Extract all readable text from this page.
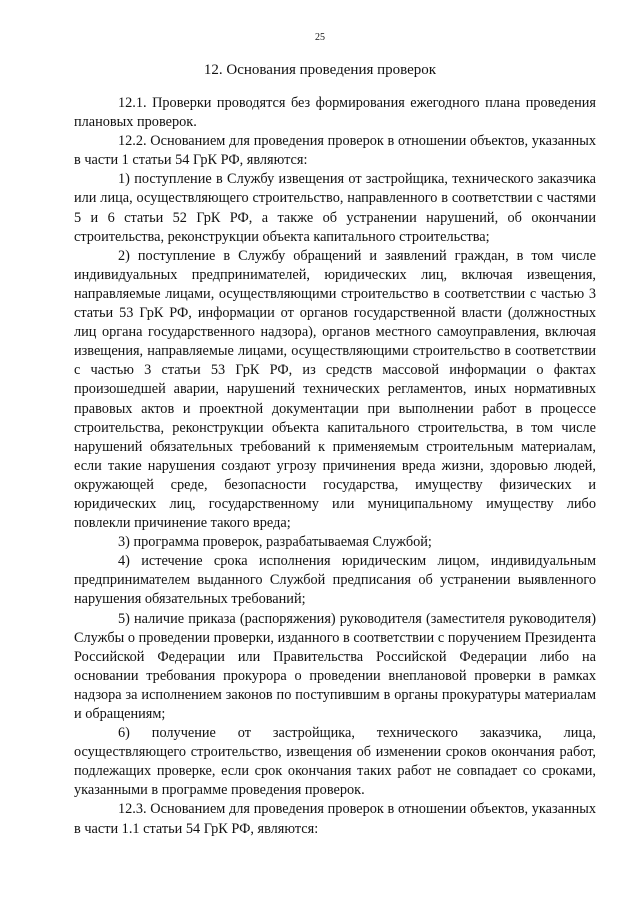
25
12. Основания проведения проверок

12.1. Проверки проводятся без формирования ежегодного плана проведения плановых проверок.

12.2. Основанием для проведения проверок в отношении объектов, указанных в части 1 статьи 54 ГрК РФ, являются:

1) поступление в Службу извещения от застройщика, технического заказчика или лица, осуществляющего строительство, направленного в соответствии с частями 5 и 6 статьи 52 ГрК РФ, а также об устранении нарушений, об окончании строительства, реконструкции объекта капитального строительства;

2) поступление в Службу обращений и заявлений граждан, в том числе индивидуальных предпринимателей, юридических лиц, включая извещения, направляемые лицами, осуществляющими строительство в соответствии с частью 3 статьи 53 ГрК РФ, информации от органов государственной власти (должностных лиц органа государственного надзора), органов местного самоуправления, включая извещения, направляемые лицами, осуществляющими строительство в соответствии с частью 3 статьи 53 ГрК РФ, из средств массовой информации о фактах произошедшей аварии, нарушений технических регламентов, иных нормативных правовых актов и проектной документации при выполнении работ в процессе строительства, реконструкции объекта капитального строительства, в том числе нарушений обязательных требований к применяемым строительным материалам, если такие нарушения создают угрозу причинения вреда жизни, здоровью людей, окружающей среде, безопасности государства, имуществу физических и юридических лиц, государственному или муниципальному имуществу либо повлекли причинение такого вреда;

3) программа проверок, разрабатываемая Службой;

4) истечение срока исполнения юридическим лицом, индивидуальным предпринимателем выданного Службой предписания об устранении выявленного нарушения обязательных требований;

5) наличие приказа (распоряжения) руководителя (заместителя руководителя) Службы о проведении проверки, изданного в соответствии с поручением Президента Российской Федерации или Правительства Российской Федерации либо на основании требования прокурора о проведении внеплановой проверки в рамках надзора за исполнением законов по поступившим в органы прокуратуры материалам и обращениям;

6) получение от застройщика, технического заказчика, лица, осуществляющего строительство, извещения об изменении сроков окончания работ, подлежащих проверке, если срок окончания таких работ не совпадает со сроками, указанными в программе проведения проверок.

12.3. Основанием для проведения проверок в отношении объектов, указанных в части 1.1 статьи 54 ГрК РФ, являются:
